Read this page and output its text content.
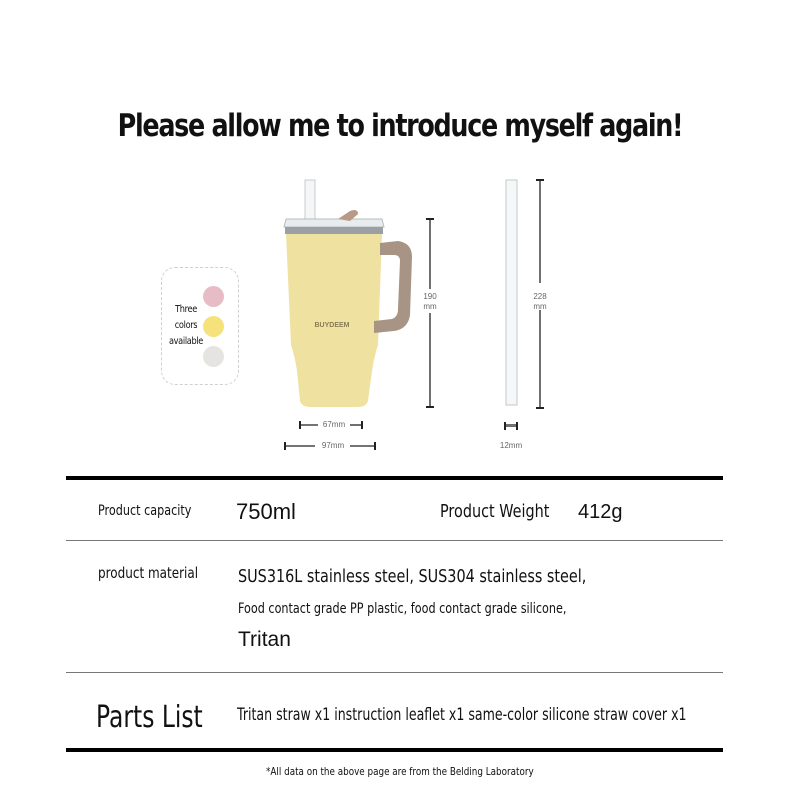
Please allow me to introduce myself again!
Three
colors
available
BUYDEEM
190
mm
67mm
97mm
228
mm
12mm
Product capacity 750ml	Product Weight 412g
product material SUS316L stainless steel, SUS304 stainless steel,
Food contact grade PP plastic, food contact grade silicone,
Tritan
Parts List Tritan straw x1 instruction leaflet x1 same-color silicone straw cover x1
*All data on the above page are from the Belding Laboratory
